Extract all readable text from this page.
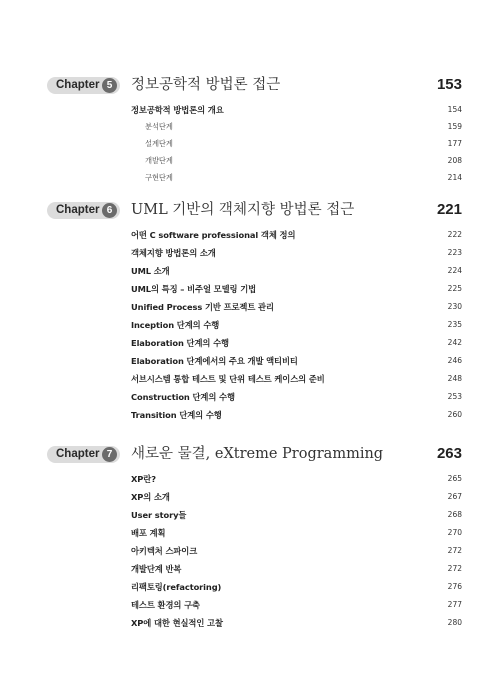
Chapter 5	정보공학적 방법론 접근	153
정보공학적 방법론의 개요	154
분석단계	159
설계단계	177
개발단계	208
구현단계	214
Chapter 6	UML 기반의 객체지향 방법론 접근	221
어떤 C software professional 객체 정의	222
객체지향 방법론의 소개	223
UML 소개	224
UML의 특징 – 비주얼 모델링 기법	225
Unified Process 기반 프로젝트 관리	230
Inception 단계의 수행	235
Elaboration 단계의 수행	242
Elaboration 단계에서의 주요 개발 액티비티	246
서브시스템 통합 테스트 및 단위 테스트 케이스의 준비	248
Construction 단계의 수행	253
Transition 단계의 수행	260
Chapter 7	새로운 물결, eXtreme Programming	263
XP란?	265
XP의 소개	267
User story들	268
배포 계획	270
아키텍처 스파이크	272
개발단계 반복	272
리팩토링(refactoring)	276
테스트 환경의 구축	277
XP에 대한 현실적인 고찰	280
